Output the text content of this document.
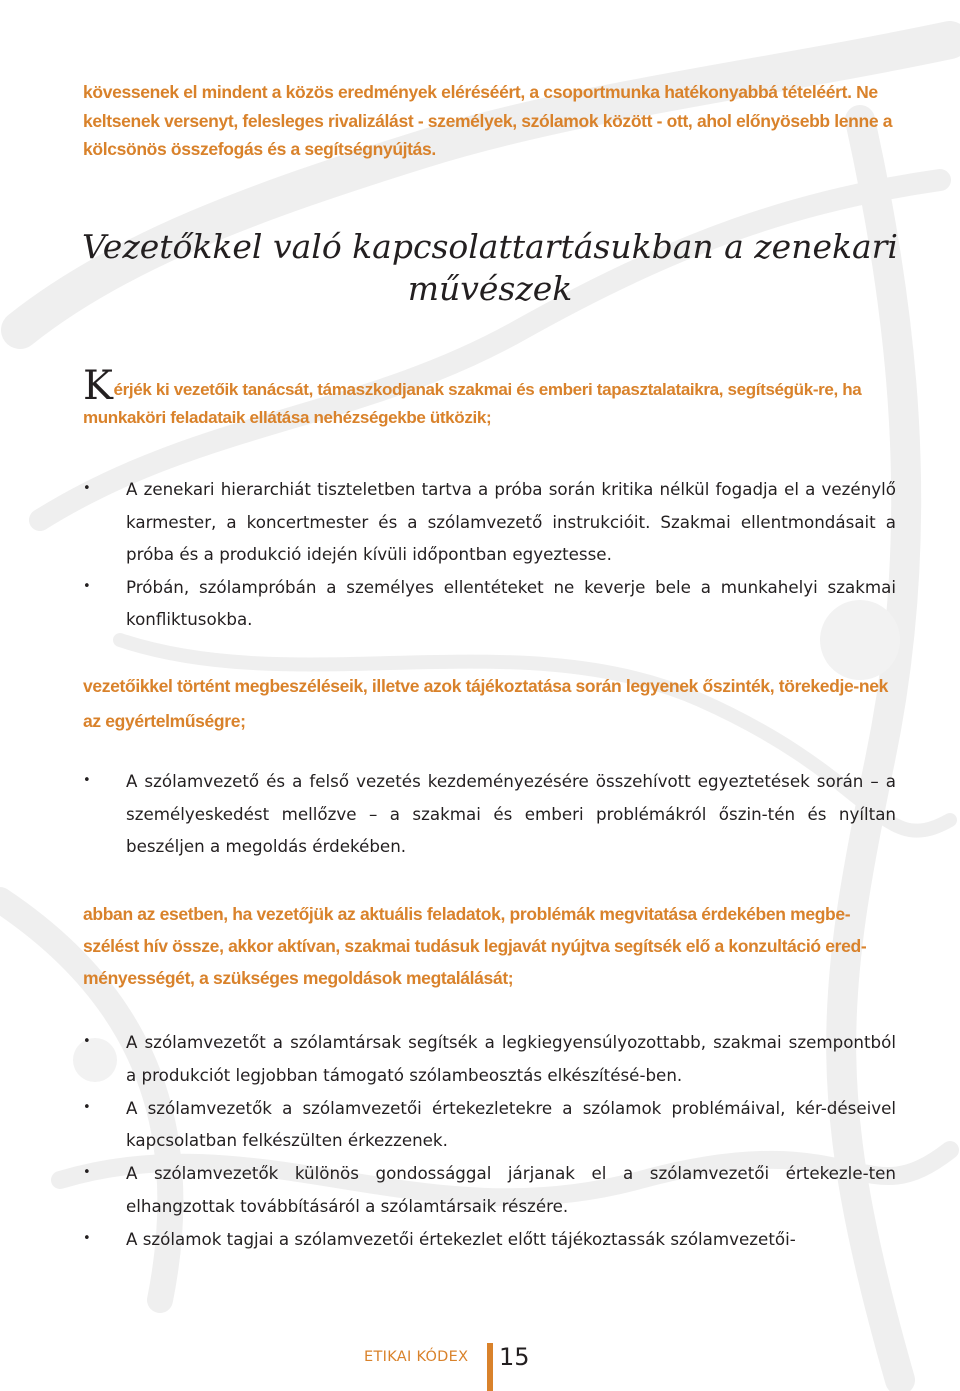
kövessenek el mindent a közös eredmények eléréséért, a csoportmunka hatékonyabbá tételéért. Ne keltsenek versenyt, felesleges rivalizálást - személyek, szólamok között - ott, ahol előnyösebb lenne a kölcsönös összefogás és a segítségnyújtás.

Vezetőkkel való kapcsolattartásukban a zenekari művészek

Kérjék ki vezetőik tanácsát, támaszkodjanak szakmai és emberi tapasztalataikra, segítségük-re, ha munkaköri feladataik ellátása nehézségekbe ütközik;

• A zenekari hierarchiát tiszteletben tartva a próba során kritika nélkül fogadja el a vezénylő karmester, a koncertmester és a szólamvezető instrukcióit. Szakmai ellentmondásait a próba és a produkció idején kívüli időpontban egyeztesse.
• Próbán, szólampróbán a személyes ellentéteket ne keverje bele a munkahelyi szakmai konfliktusokba.

vezetőikkel történt megbeszéléseik, illetve azok tájékoztatása során legyenek őszinték, törekedje-nek az egyértelműségre;

• A szólamvezető és a felső vezetés kezdeményezésére összehívott egyeztetések során – a személyeskedést mellőzve – a szakmai és emberi problémákról őszin-tén és nyíltan beszéljen a megoldás érdekében.

abban az esetben, ha vezetőjük az aktuális feladatok, problémák megvitatása érdekében megbe-szélést hív össze, akkor aktívan, szakmai tudásuk legjavát nyújtva segítsék elő a konzultáció ered-ményességét, a szükséges megoldások megtalálását;

• A szólamvezetőt a szólamtársak segítsék a legkiegyensúlyozottabb, szakmai szempontból a produkciót legjobban támogató szólambeosztás elkészítésé-ben.
• A szólamvezetők a szólamvezetői értekezletekre a szólamok problémáival, kér-déseivel kapcsolatban felkészülten érkezzenek.
• A szólamvezetők különös gondossággal járjanak el a szólamvezetői értekezle-ten elhangzottak továbbításáról a szólamtársaik részére.
• A szólamok tagjai a szólamvezetői értekezlet előtt tájékoztassák szólamvezetői-
ETIKAI KÓDEX 15
